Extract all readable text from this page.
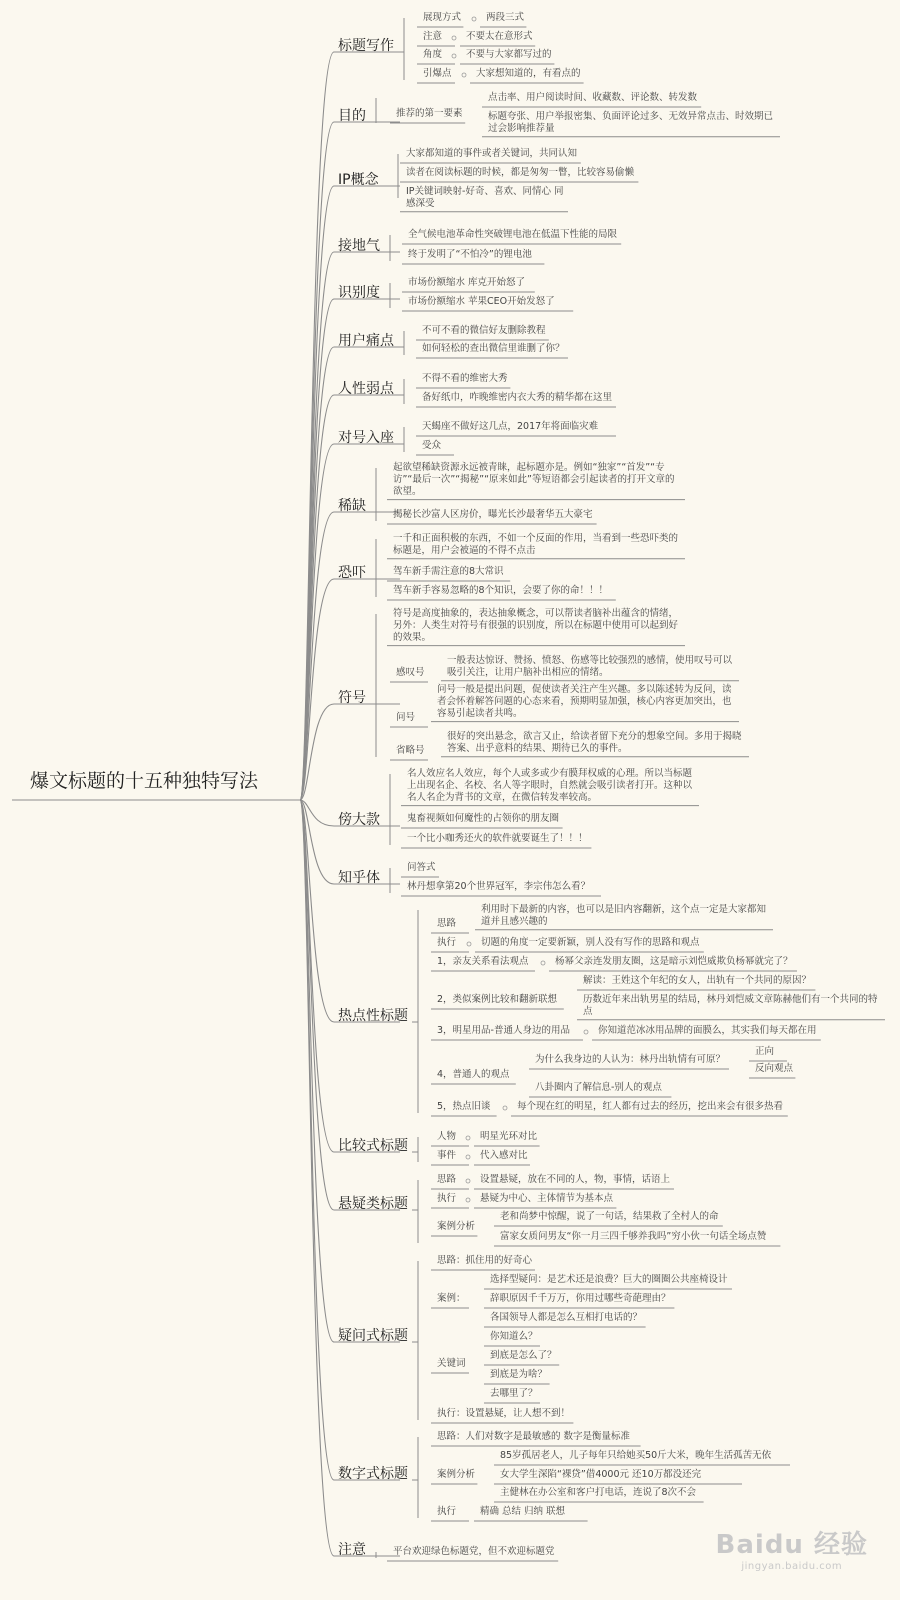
爆文标题的十五种独特写法
标题写作
展现方式	两段三式
注意	不要太在意形式
角度	不要与大家都写过的
引爆点	大家想知道的，有看点的
目的	推荐的第一要素
点击率、用户阅读时间、收藏数、评论数、转发数
标题夸张、用户举报密集、负面评论过多、无效异常点击、时效期已过会影响推荐量
IP概念
大家都知道的事件或者关键词，共同认知
读者在阅读标题的时候，都是匆匆一瞥，比较容易偷懒
IP关键词映射-好奇、喜欢、同情心 同感深受
接地气
全气候电池革命性突破锂电池在低温下性能的局限
终于发明了“不怕冷”的锂电池
识别度
市场份额缩水 库克开始怒了
市场份额缩水 苹果CEO开始发怒了
用户痛点
不可不看的微信好友删除教程
如何轻松的查出微信里谁删了你？
人性弱点
不得不看的维密大秀
备好纸巾，咋晚维密内衣大秀的精华都在这里
对号入座
天蝎座不做好这几点，2017年将面临灾难
受众
稀缺
起欲望稀缺资源永远被青睐，起标题亦是。例如“独家”“首发”“专访”“最后一次”“揭秘”“原来如此”等短语都会引起读者的打开文章的欲望。
揭秘长沙富人区房价，曝光长沙最奢华五大豪宅
恐吓
一千和正面积极的东西，不如一个反面的作用，当看到一些恐吓类的标题是，用户会被逼的不得不点击
驾车新手需注意的8大常识
驾车新手容易忽略的8个知识，会要了你的命！！！
符号
符号是高度抽象的，表达抽象概念，可以帮读者脑补出蕴含的情绪，另外：人类生对符号有很强的识别度，所以在标题中使用可以起到好的效果。
感叹号
一般表达惊讶、赞扬、愤怒、伤感等比较强烈的感情，使用叹号可以吸引关注，让用户脑补出相应的情绪。
问号
问号一般是提出问题，促使读者关注产生兴趣。多以陈述转为反问，读者会怀着解答问题的心态来看，预期明显加强，核心内容更加突出，也容易引起读者共鸣。
省略号
很好的突出悬念，欲言又止，给读者留下充分的想象空间。多用于揭晓答案、出乎意料的结果、期待已久的事件。
傍大款
名人效应名人效应，每个人或多或少有膜拜权威的心理。所以当标题上出现名企、名校、名人等字眼时，自然就会吸引读者打开。这种以名人名企为背书的文章，在微信转发率较高。
鬼畜视频如何魔性的占领你的朋友圈
一个比小咖秀还火的软件就要诞生了！！！
知乎体
问答式
林丹想拿第20个世界冠军，李宗伟怎么看？
热点性标题
思路
利用时下最新的内容，也可以是旧内容翻新，这个点一定是大家都知道并且感兴趣的
执行	切题的角度一定要新颖，别人没有写作的思路和观点
1，亲友关系看法观点	杨幂父亲连发朋友圈，这是暗示刘恺威欺负杨幂就完了？
2，类似案例比较和翻新联想
解读：王姓这个年纪的女人，出轨有一个共同的原因？
历数近年来出轨男星的结局，林丹刘恺威文章陈赫他们有一个共同的特点
3，明星用品-普通人身边的用品	你知道范冰冰用品牌的面膜么，其实我们每天都在用
4，普通人的观点
为什么我身边的人认为：林丹出轨情有可原？
正向
反向观点
八卦圈内了解信息-别人的观点
5，热点旧谈	每个现在红的明星，红人都有过去的经历，挖出来会有很多热看
比较式标题
人物	明星光环对比
事件	代入感对比
悬疑类标题
思路	设置悬疑，放在不同的人，物，事情，话语上
执行	悬疑为中心、主体情节为基本点
案例分析
老和尚梦中惊醒，说了一句话，结果救了全村人的命
富家女质问男友“你一月三四千够养我吗”穷小伙一句话全场点赞
疑问式标题
思路：抓住用的好奇心
案例：
选择型疑问：是艺术还是浪费？巨大的圈圈公共座椅设计
辞职原因千千万万，你用过哪些奇葩理由？
各国领导人都是怎么互相打电话的？
关键词
你知道么？
到底是怎么了？
到底是为啥？
去哪里了？
执行：设置悬疑，让人想不到！
数字式标题
思路：人们对数字是最敏感的 数字是衡量标准
案例分析
85岁孤居老人，儿子每年只给她买50斤大米，晚年生活孤苦无依
女大学生深陷“裸贷”借4000元 还10万都没还完
主健林在办公室和客户打电话，连说了8次不会
执行	精确 总结 归纳 联想
注意	平台欢迎绿色标题党，但不欢迎标题党	Baidu 经验
jingyan.baidu.com
